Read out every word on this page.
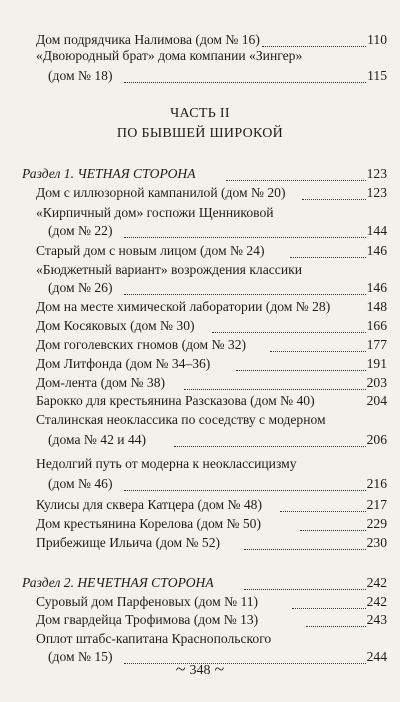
Дом подрядчика Налимова (дом № 16)	110
«Двоюродный брат» дома компании «Зингер»
(дом № 18)	115
ЧАСТЬ II
ПО БЫВШЕЙ ШИРОКОЙ
Раздел 1. ЧЕТНАЯ СТОРОНА	123
Дом с иллюзорной кампанилой (дом № 20)	123
«Кирпичный дом» госпожи Щенниковой
(дом № 22)	144
Старый дом с новым лицом (дом № 24)	146
«Бюджетный вариант» возрождения классики
(дом № 26)	146
Дом на месте химической лаборатории (дом № 28)	148
Дом Косяковых (дом № 30)	166
Дом гоголевских гномов (дом № 32)	177
Дом Литфонда (дом № 34–36)	191
Дом-лента (дом № 38)	203
Барокко для крестьянина Разсказова (дом № 40)	204
Сталинская неоклассика по соседству с модерном
(дома № 42 и 44)	206
Недолгий путь от модерна к неоклассицизму
(дом № 46)	216
Кулисы для сквера Катцера (дом № 48)	217
Дом крестьянина Корелова (дом № 50)	229
Прибежище Ильича (дом № 52)	230
Раздел 2. НЕЧЕТНАЯ СТОРОНА	242
Суровый дом Парфеновых (дом № 11)	242
Дом гвардейца Трофимова (дом № 13)	243
Оплот штабс-капитана Краснопольского
(дом № 15)	244
~ 348 ~
